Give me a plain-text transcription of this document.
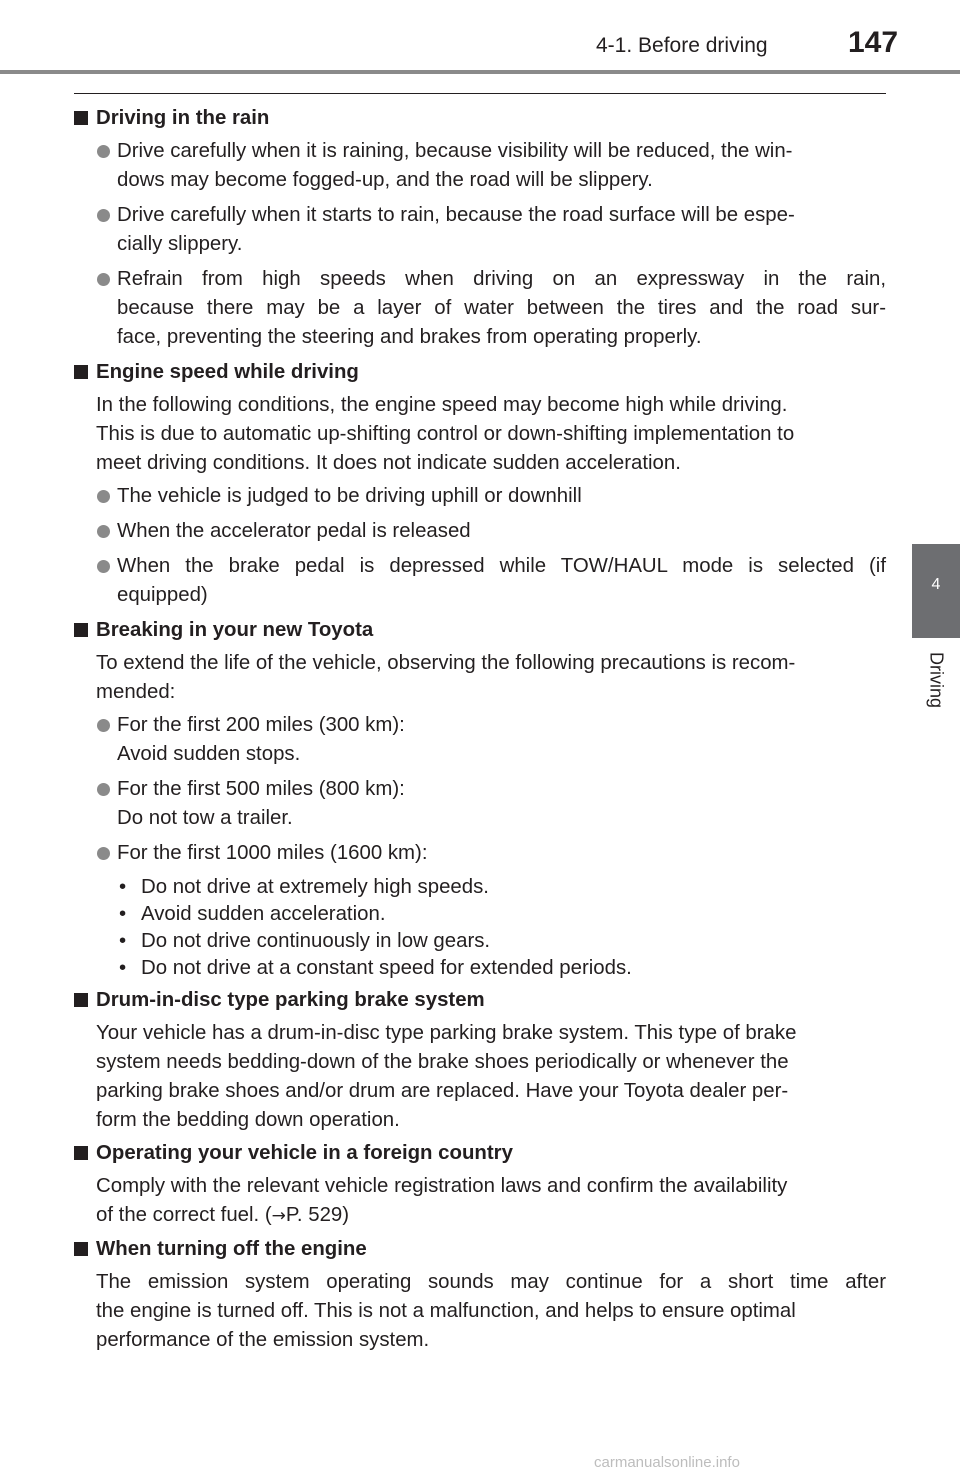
4-1. Before driving	147
4
Driving
Driving in the rain
Drive carefully when it is raining, because visibility will be reduced, the win-
dows may become fogged-up, and the road will be slippery.
Drive carefully when it starts to rain, because the road surface will be espe-
cially slippery.
Refrain from high speeds when driving on an expressway in the rain,
because there may be a layer of water between the tires and the road sur-
face, preventing the steering and brakes from operating properly.
Engine speed while driving
In the following conditions, the engine speed may become high while driving.
This is due to automatic up-shifting control or down-shifting implementation to
meet driving conditions. It does not indicate sudden acceleration.
The vehicle is judged to be driving uphill or downhill
When the accelerator pedal is released
When the brake pedal is depressed while TOW/HAUL mode is selected (if
equipped)
Breaking in your new Toyota
To extend the life of the vehicle, observing the following precautions is recom-
mended:
For the first 200 miles (300 km):
Avoid sudden stops.
For the first 500 miles (800 km):
Do not tow a trailer.
For the first 1000 miles (1600 km):
• Do not drive at extremely high speeds.
• Avoid sudden acceleration.
• Do not drive continuously in low gears.
• Do not drive at a constant speed for extended periods.
Drum-in-disc type parking brake system
Your vehicle has a drum-in-disc type parking brake system. This type of brake
system needs bedding-down of the brake shoes periodically or whenever the
parking brake shoes and/or drum are replaced. Have your Toyota dealer per-
form the bedding down operation.
Operating your vehicle in a foreign country
Comply with the relevant vehicle registration laws and confirm the availability
of the correct fuel. (→P. 529)
When turning off the engine
The emission system operating sounds may continue for a short time after
the engine is turned off. This is not a malfunction, and helps to ensure optimal
performance of the emission system.
carmanualsonline.info
